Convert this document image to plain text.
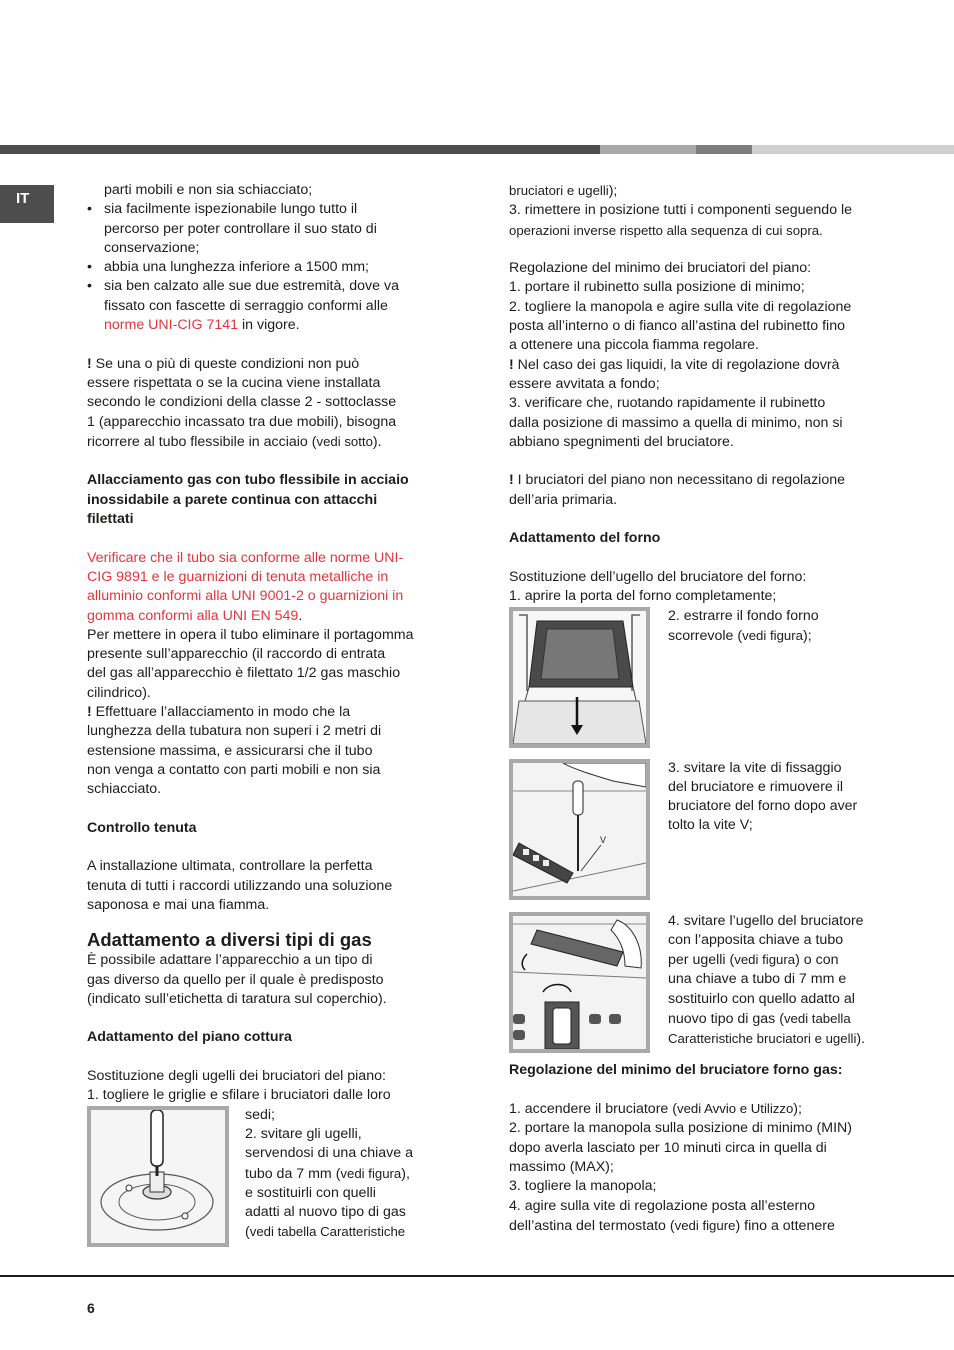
IT	parti mobili e non sia schiacciato;

• sia facilmente ispezionabile lungo tutto il

percorso per poter controllare il suo stato di

conservazione;

• abbia una lunghezza inferiore a 1500 mm;

• sia ben calzato alle sue due estremità, dove va

fissato con fascette di serraggio conformi alle

norme UNI-CIG 7141 in vigore.

! Se una o più di queste condizioni non può

essere rispettata o se la cucina viene installata

secondo le condizioni della classe 2 - sottoclasse

1 (apparecchio incassato tra due mobili), bisogna

ricorrere al tubo flessibile in acciaio (vedi sotto).

Allacciamento gas con tubo flessibile in acciaio

inossidabile a parete continua con attacchi

filettati

Verificare che il tubo sia conforme alle norme UNI-

CIG 9891 e le guarnizioni di tenuta metalliche in

alluminio conformi alla UNI 9001-2 o guarnizioni in

gomma conformi alla UNI EN 549.

Per mettere in opera il tubo eliminare il portagomma

presente sull’apparecchio (il raccordo di entrata

del gas all’apparecchio è filettato 1/2 gas maschio

cilindrico).

! Effettuare l’allacciamento in modo che la

lunghezza della tubatura non superi i 2 metri di

estensione massima, e assicurarsi che il tubo

non venga a contatto con parti mobili e non sia

schiacciato.

Controllo tenuta

A installazione ultimata, controllare la perfetta

tenuta di tutti i raccordi utilizzando una soluzione

saponosa e mai una fiamma.

Adattamento a diversi tipi di gas

È possibile adattare l’apparecchio a un tipo di

gas diverso da quello per il quale è predisposto

(indicato sull’etichetta di taratura sul coperchio).

Adattamento del piano cottura

Sostituzione degli ugelli dei bruciatori del piano:

1. togliere le griglie e sfilare i bruciatori dalle loro

sedi;

2. svitare gli ugelli,

servendosi di una chiave a

tubo da 7 mm (vedi figura),

e sostituirli con quelli

adatti al nuovo tipo di gas

(vedi tabella Caratteristiche

bruciatori e ugelli);

3. rimettere in posizione tutti i componenti seguendo le

operazioni inverse rispetto alla sequenza di cui sopra.

Regolazione del minimo dei bruciatori del piano:

1. portare il rubinetto sulla posizione di minimo;

2. togliere la manopola e agire sulla vite di regolazione

posta all’interno o di fianco all’astina del rubinetto fino

a ottenere una piccola fiamma regolare.

! Nel caso dei gas liquidi, la vite di regolazione dovrà

essere avvitata a fondo;

3. verificare che, ruotando rapidamente il rubinetto

dalla posizione di massimo a quella di minimo, non si

abbiano spegnimenti del bruciatore.

! I bruciatori del piano non necessitano di regolazione

dell’aria primaria.

Adattamento del forno

Sostituzione dell’ugello del bruciatore del forno:

1. aprire la porta del forno completamente;

2. estrarre il fondo forno

scorrevole (vedi figura);

V

3. svitare la vite di fissaggio

del bruciatore e rimuovere il

bruciatore del forno dopo aver

tolto la vite V;

4. svitare l’ugello del bruciatore

con l’apposita chiave a tubo

per ugelli (vedi figura) o con

una chiave a tubo di 7 mm e

sostituirlo con quello adatto al

nuovo tipo di gas (vedi tabella

Caratteristiche bruciatori e ugelli).

Regolazione del minimo del bruciatore forno gas:

1. accendere il bruciatore (vedi Avvio e Utilizzo);

2. portare la manopola sulla posizione di minimo (MIN)

dopo averla lasciato per 10 minuti circa in quella di

massimo (MAX);

3. togliere la manopola;

4. agire sulla vite di regolazione posta all’esterno

dell’astina del termostato (vedi figure) fino a ottenere

6
